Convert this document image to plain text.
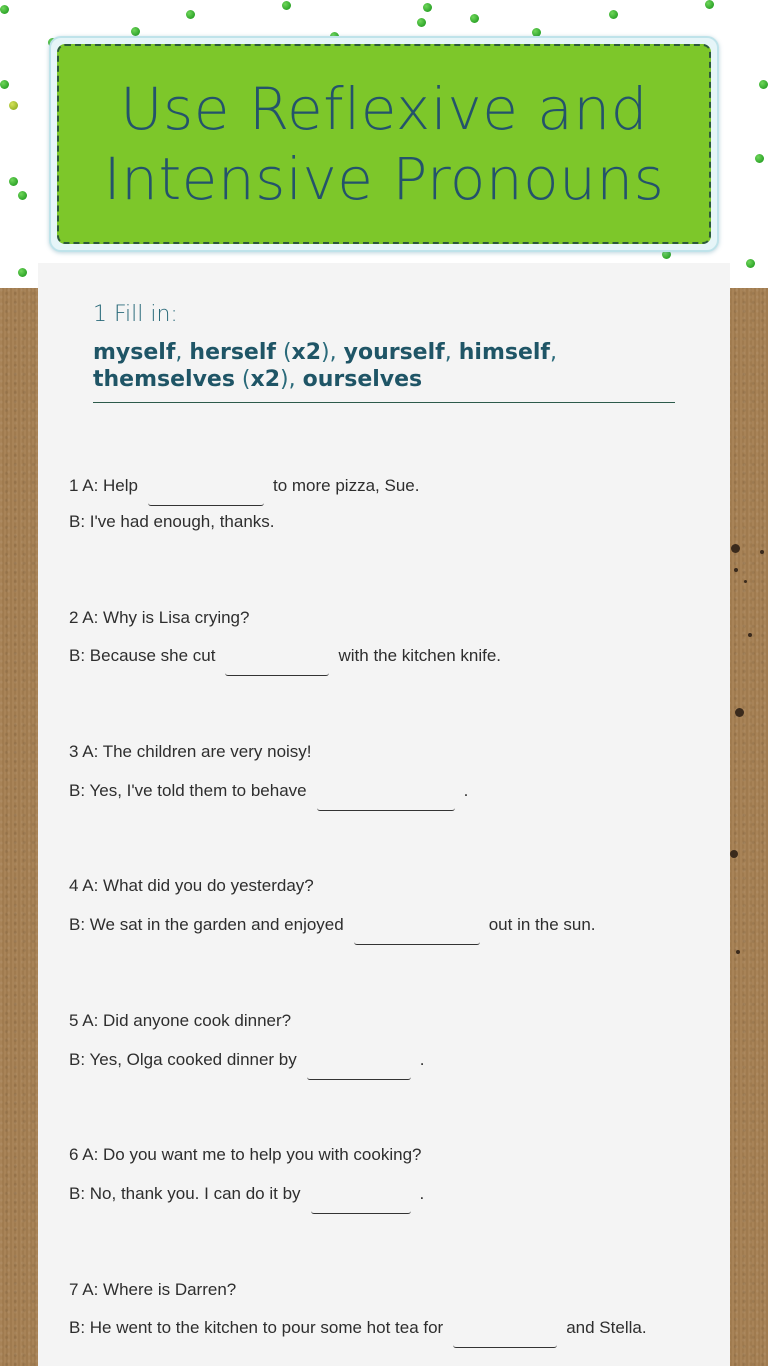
Use Reflexive and Intensive Pronouns
1 Fill in:
myself, herself (x2), yourself, himself, themselves (x2), ourselves
1 A: Help	to more pizza, Sue.
B: I've had enough, thanks.
2 A: Why is Lisa crying?
B: Because she cut	with the kitchen knife.
3 A: The children are very noisy!
B: Yes, I've told them to behave	.
4 A: What did you do yesterday?
B: We sat in the garden and enjoyed	out in the sun.
5 A: Did anyone cook dinner?
B: Yes, Olga cooked dinner by	.
6 A: Do you want me to help you with cooking?
B: No, thank you. I can do it by	.
7 A: Where is Darren?
B: He went to the kitchen to pour some hot tea for	and Stella.
